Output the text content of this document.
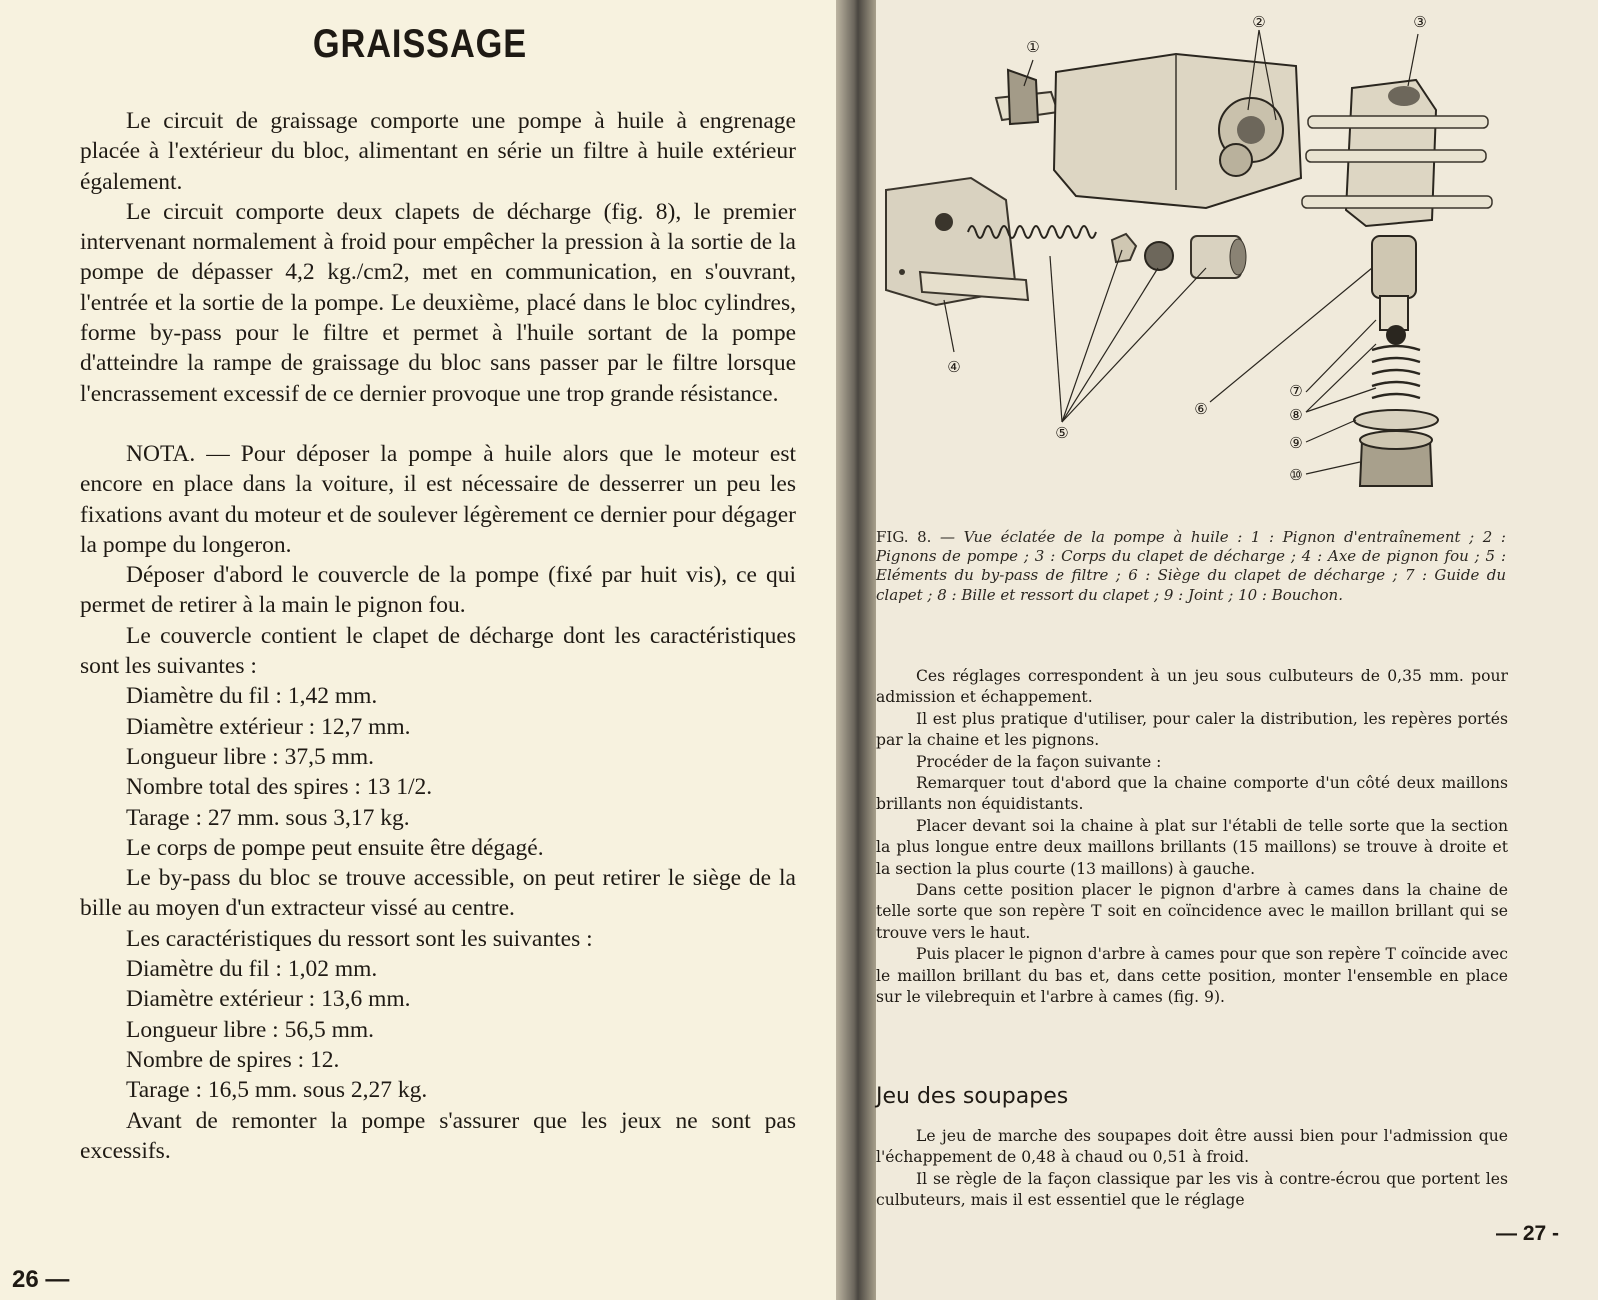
GRAISSAGE

Le circuit de graissage comporte une pompe à huile à engrenage placée à l'extérieur du bloc, alimentant en série un filtre à huile extérieur également.

Le circuit comporte deux clapets de décharge (fig. 8), le premier intervenant normalement à froid pour empêcher la pression à la sortie de la pompe de dépasser 4,2 kg./cm2, met en communication, en s'ouvrant, l'entrée et la sortie de la pompe. Le deuxième, placé dans le bloc cylindres, forme by-pass pour le filtre et permet à l'huile sortant de la pompe d'atteindre la rampe de graissage du bloc sans passer par le filtre lorsque l'encrassement excessif de ce dernier provoque une trop grande résistance.

NOTA. — Pour déposer la pompe à huile alors que le moteur est encore en place dans la voiture, il est nécessaire de desserrer un peu les fixations avant du moteur et de soulever légèrement ce dernier pour dégager la pompe du longeron.

Déposer d'abord le couvercle de la pompe (fixé par huit vis), ce qui permet de retirer à la main le pignon fou.

Le couvercle contient le clapet de décharge dont les caractéristiques sont les suivantes :

Diamètre du fil : 1,42 mm.

Diamètre extérieur : 12,7 mm.

Longueur libre : 37,5 mm.

Nombre total des spires : 13 1/2.

Tarage : 27 mm. sous 3,17 kg.

Le corps de pompe peut ensuite être dégagé.

Le by-pass du bloc se trouve accessible, on peut retirer le siège de la bille au moyen d'un extracteur vissé au centre.

Les caractéristiques du ressort sont les suivantes :

Diamètre du fil : 1,02 mm.

Diamètre extérieur : 13,6 mm.

Longueur libre : 56,5 mm.

Nombre de spires : 12.

Tarage : 16,5 mm. sous 2,27 kg.

Avant de remonter la pompe s'assurer que les jeux ne sont pas excessifs.

26 —
①
②	③
④
⑤
⑥
⑦
⑧
⑨
⑩
FIG. 8. — Vue éclatée de la pompe à huile : 1 : Pignon d'entraînement ; 2 : Pignons de pompe ; 3 : Corps du clapet de décharge ; 4 : Axe de pignon fou ; 5 : Eléments du by-pass de filtre ; 6 : Siège du clapet de décharge ; 7 : Guide du clapet ; 8 : Bille et ressort du clapet ; 9 : Joint ; 10 : Bouchon.

Ces réglages correspondent à un jeu sous culbuteurs de 0,35 mm. pour admission et échappement.

Il est plus pratique d'utiliser, pour caler la distribution, les repères portés par la chaine et les pignons.

Procéder de la façon suivante :

Remarquer tout d'abord que la chaine comporte d'un côté deux maillons brillants non équidistants.

Placer devant soi la chaine à plat sur l'établi de telle sorte que la section la plus longue entre deux maillons brillants (15 maillons) se trouve à droite et la section la plus courte (13 maillons) à gauche.

Dans cette position placer le pignon d'arbre à cames dans la chaine de telle sorte que son repère T soit en coïncidence avec le maillon brillant qui se trouve vers le haut.

Puis placer le pignon d'arbre à cames pour que son repère T coïncide avec le maillon brillant du bas et, dans cette position, monter l'ensemble en place sur le vilebrequin et l'arbre à cames (fig. 9).

Jeu des soupapes

Le jeu de marche des soupapes doit être aussi bien pour l'admission que l'échappement de 0,48 à chaud ou 0,51 à froid.

Il se règle de la façon classique par les vis à contre-écrou que portent les culbuteurs, mais il est essentiel que le réglage

— 27 -
